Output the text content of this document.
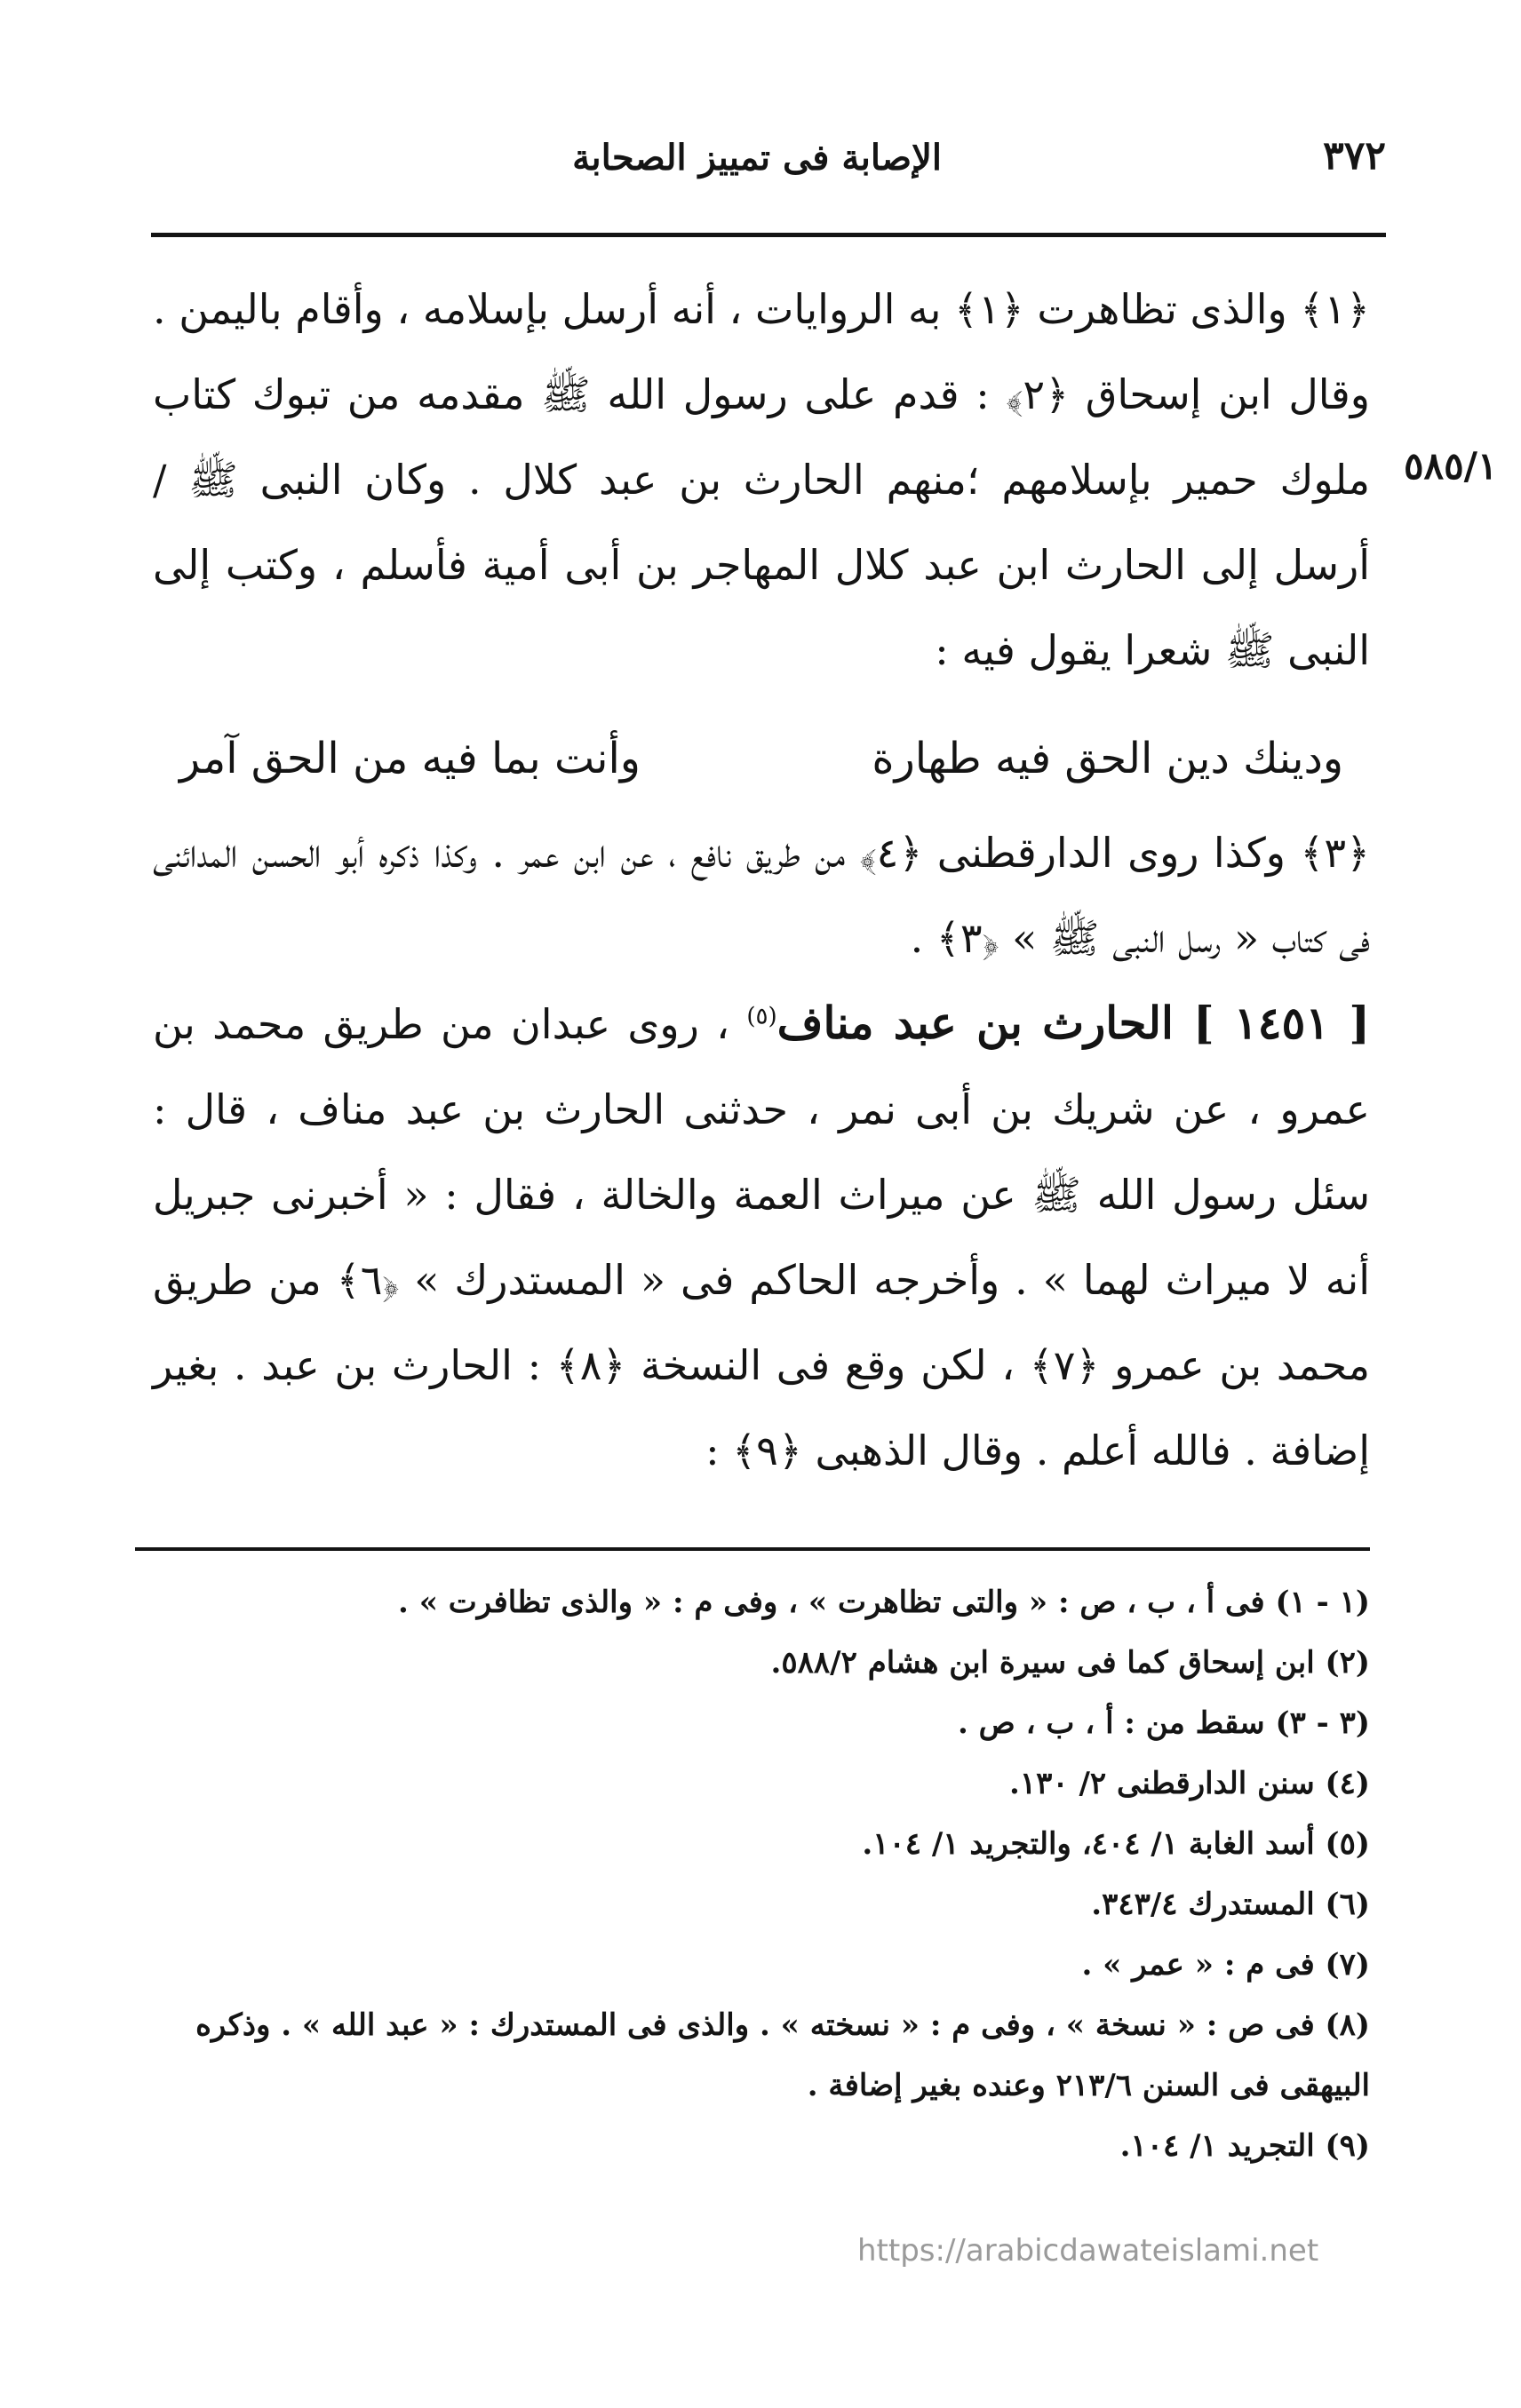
٣٧٢
الإصابة فى تمييز الصحابة
٥٨٥/١

﴿١﴾ والذى تظاهرت ﴿١﴾ به الروايات ، أنه أرسل بإسلامه ، وأقام باليمن . وقال ابن إسحاق ﴿٢﴾ : قدم على رسول الله ﷺ مقدمه من تبوك كتاب ملوك حمير بإسلامهم ؛منهم الحارث بن عبد كلال . وكان النبى ﷺ / أرسل إلى الحارث ابن عبد كلال المهاجر بن أبى أمية فأسلم ، وكتب إلى النبى ﷺ شعرا يقول فيه :

ودينك دين الحق فيه طهارة
وأنت بما فيه من الحق آمر

﴿٣﴾ وكذا روى الدارقطنى ﴿٤﴾ من طريق نافع ، عن ابن عمر . وكذا ذكره أبو الحسن المدائنى فى كتاب « رسل النبى ﷺ » ﴿٣﴾ .

[ ١٤٥١ ] الحارث بن عبد مناف$^{(٥)}$ ، روى عبدان من طريق محمد بن عمرو ، عن شريك بن أبى نمر ، حدثنى الحارث بن عبد مناف ، قال : سئل رسول الله ﷺ عن ميراث العمة والخالة ، فقال : « أخبرنى جبريل أنه لا ميراث لهما » . وأخرجه الحاكم فى « المستدرك » ﴿٦﴾ من طريق محمد بن عمرو ﴿٧﴾ ، لكن وقع فى النسخة ﴿٨﴾ : الحارث بن عبد . بغير إضافة . فالله أعلم . وقال الذهبى ﴿٩﴾ :

(١ - ١) فى أ ، ب ، ص : « والتى تظاهرت » ، وفى م : « والذى تظافرت » .

(٢) ابن إسحاق كما فى سيرة ابن هشام ٥٨٨/٢.

(٣ - ٣) سقط من : أ ، ب ، ص .

(٤) سنن الدارقطنى ٢/ ١٣٠.

(٥) أسد الغابة ١/ ٤٠٤، والتجريد ١/ ١٠٤.

(٦) المستدرك ٣٤٣/٤.

(٧) فى م : « عمر » .

(٨) فى ص : « نسخة » ، وفى م : « نسخته » . والذى فى المستدرك : « عبد الله » . وذكره البيهقى فى السنن ٢١٣/٦ وعنده بغير إضافة .

(٩) التجريد ١/ ١٠٤.

https://arabicdawateislami.net
